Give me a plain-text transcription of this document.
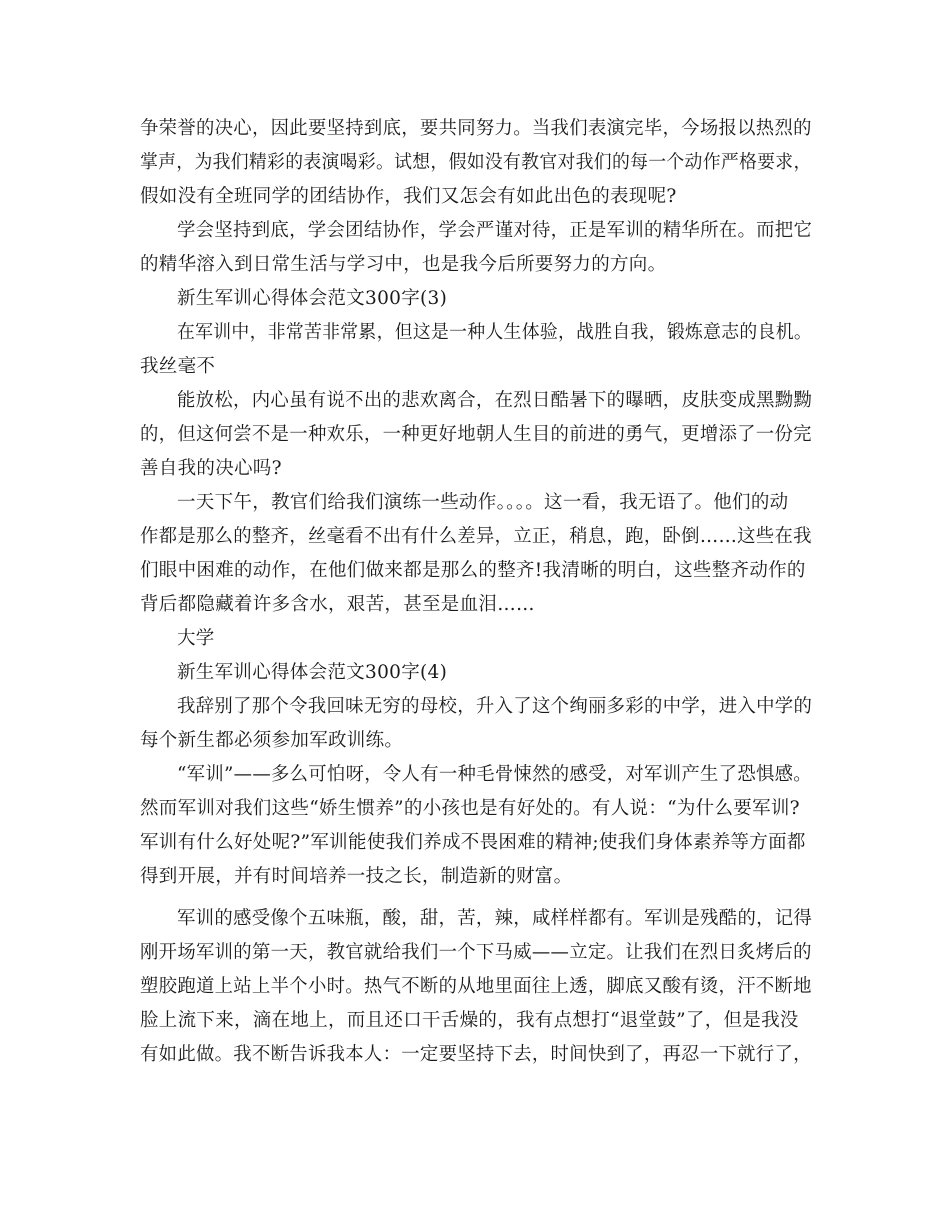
争荣誉的决心，因此要坚持到底，要共同努力。当我们表演完毕，今场报以热烈的
掌声，为我们精彩的表演喝彩。试想，假如没有教官对我们的每一个动作严格要求，
假如没有全班同学的团结协作，我们又怎会有如此出色的表现呢?
学会坚持到底，学会团结协作，学会严谨对待，正是军训的精华所在。而把它
的精华溶入到日常生活与学习中，也是我今后所要努力的方向。
新生军训心得体会范文300字(3)
在军训中，非常苦非常累，但这是一种人生体验，战胜自我，锻炼意志的良机。
我丝毫不
能放松，内心虽有说不出的悲欢离合，在烈日酷暑下的曝晒，皮肤变成黑黝黝
的，但这何尝不是一种欢乐，一种更好地朝人生目的前进的勇气，更增添了一份完
善自我的决心吗?
一天下午，教官们给我们演练一些动作。。。。这一看，我无语了。他们的动
作都是那么的整齐，丝毫看不出有什么差异，立正，稍息，跑，卧倒……这些在我
们眼中困难的动作，在他们做来都是那么的整齐!我清晰的明白，这些整齐动作的
背后都隐藏着许多含水，艰苦，甚至是血泪……
大学
新生军训心得体会范文300字(4)
我辞别了那个令我回味无穷的母校，升入了这个绚丽多彩的中学，进入中学的
每个新生都必须参加军政训练。
“军训”——多么可怕呀，令人有一种毛骨悚然的感受，对军训产生了恐惧感。
然而军训对我们这些“娇生惯养”的小孩也是有好处的。有人说：“为什么要军训?
军训有什么好处呢?”军训能使我们养成不畏困难的精神;使我们身体素养等方面都
得到开展，并有时间培养一技之长，制造新的财富。
军训的感受像个五味瓶，酸，甜，苦，辣，咸样样都有。军训是残酷的，记得
刚开场军训的第一天，教官就给我们一个下马威——立定。让我们在烈日炙烤后的
塑胶跑道上站上半个小时。热气不断的从地里面往上透，脚底又酸有烫，汗不断地
脸上流下来，滴在地上，而且还口干舌燥的，我有点想打“退堂鼓”了，但是我没
有如此做。我不断告诉我本人：一定要坚持下去，时间快到了，再忍一下就行了，
